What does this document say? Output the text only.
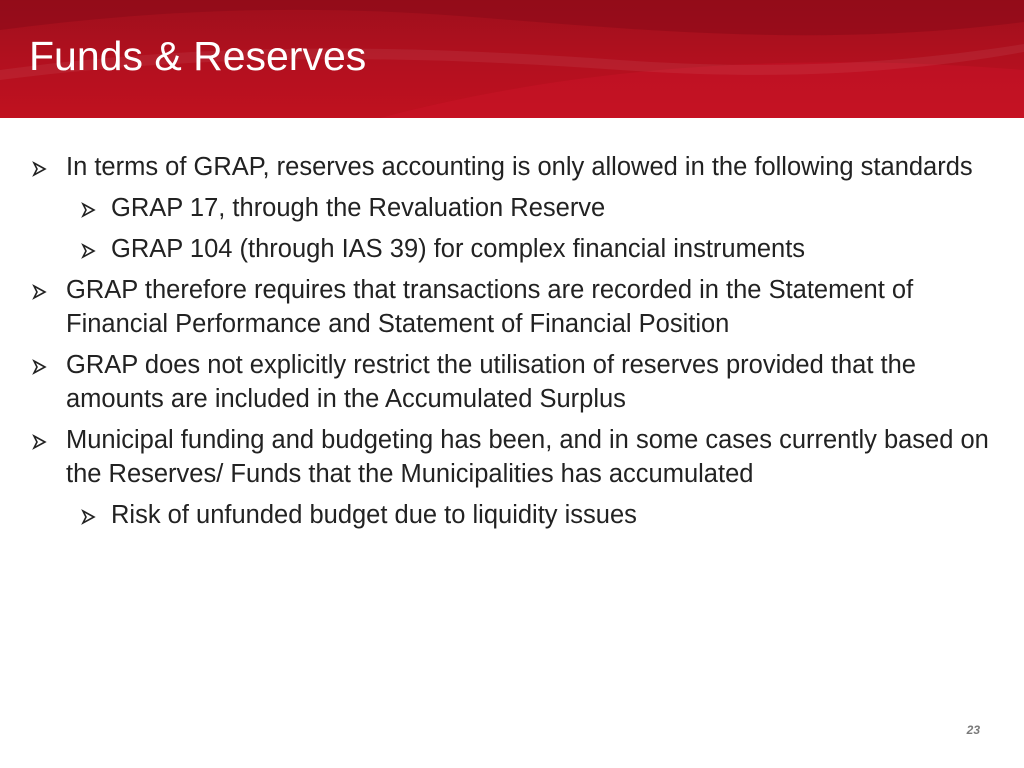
Funds & Reserves
In terms of GRAP, reserves accounting is only allowed in the following standards
GRAP 17, through the Revaluation Reserve
GRAP 104 (through IAS 39) for complex financial instruments
GRAP therefore requires that transactions are recorded in the Statement of Financial Performance and Statement of Financial Position
GRAP does not explicitly restrict the utilisation of reserves provided that the amounts are included in the Accumulated Surplus
Municipal funding and budgeting has been, and in some cases currently based on the Reserves/ Funds that the Municipalities has accumulated
Risk of unfunded budget due to liquidity issues
23
